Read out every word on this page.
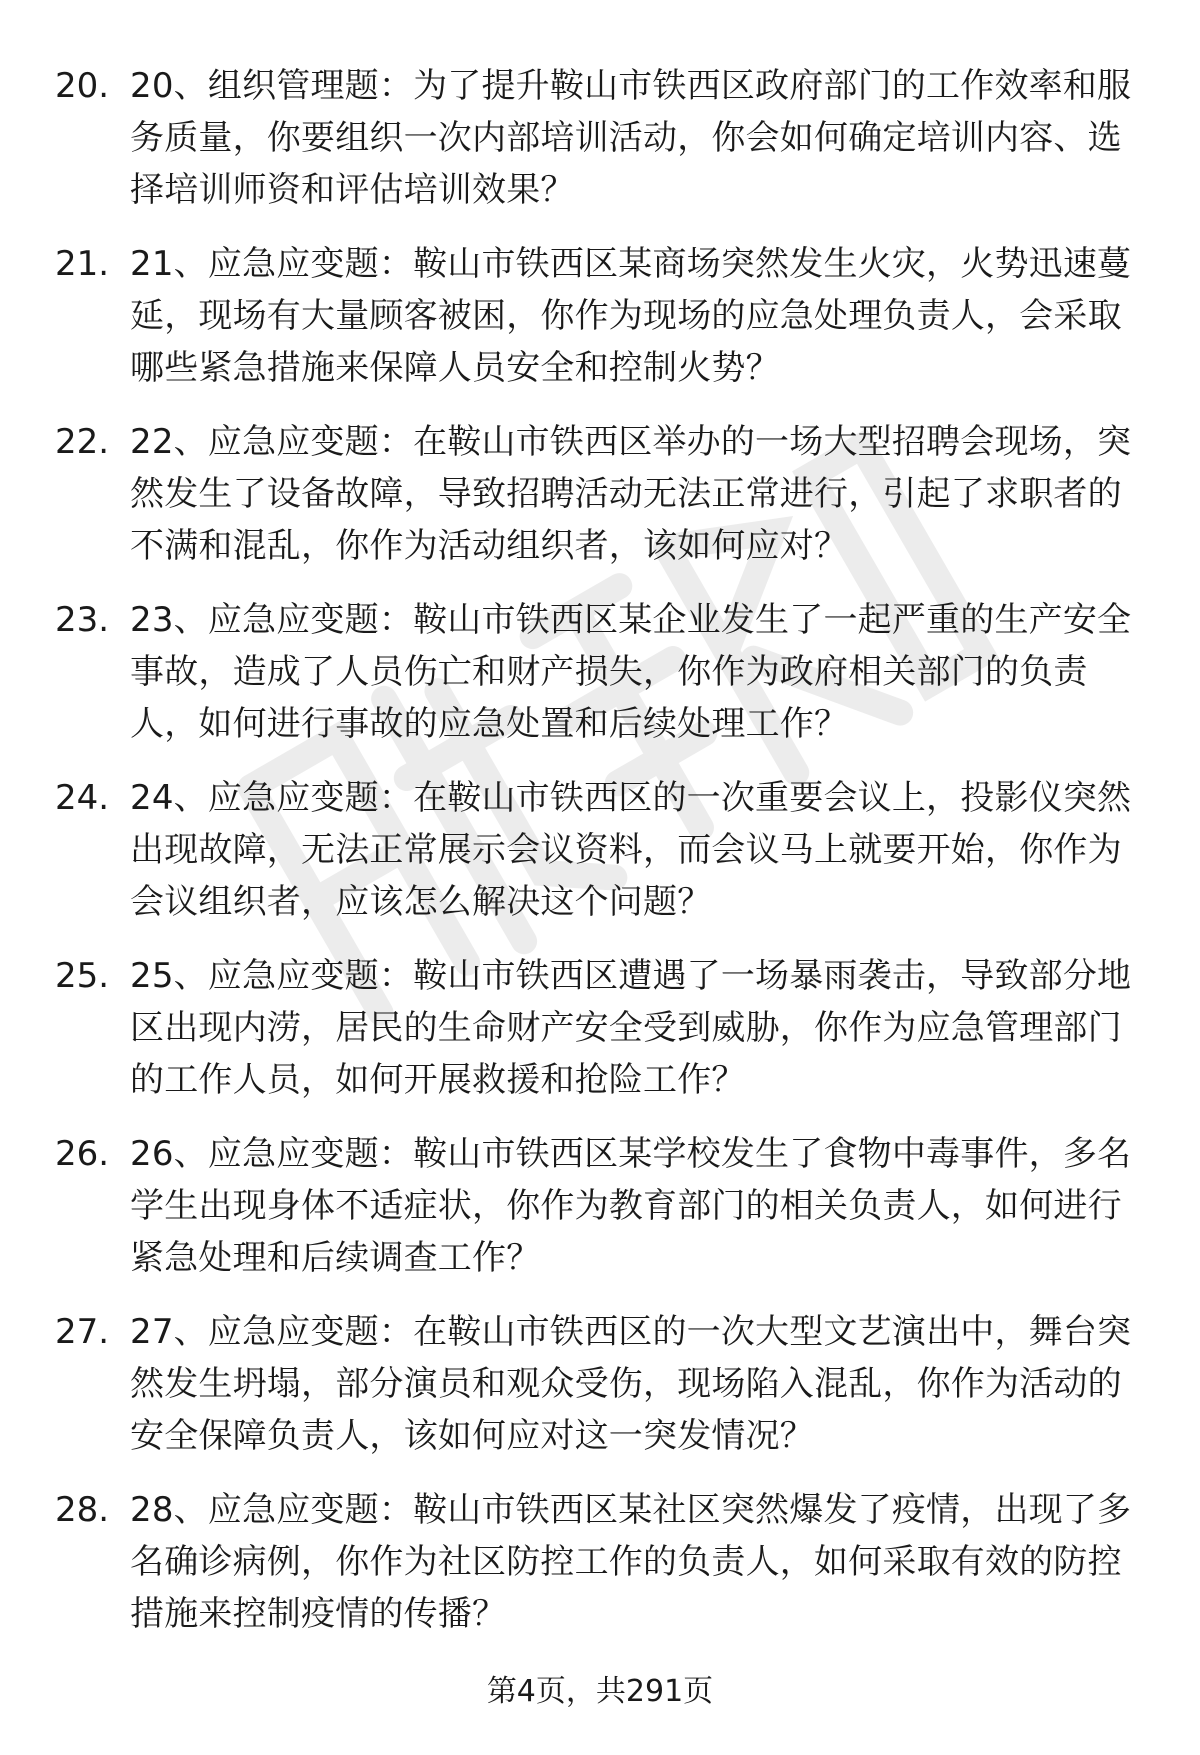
20. 20、组织管理题：为了提升鞍山市铁西区政府部门的工作效率和服务质量，你要组织一次内部培训活动，你会如何确定培训内容、选择培训师资和评估培训效果？
21. 21、应急应变题：鞍山市铁西区某商场突然发生火灾，火势迅速蔓延，现场有大量顾客被困，你作为现场的应急处理负责人，会采取哪些紧急措施来保障人员安全和控制火势？
22. 22、应急应变题：在鞍山市铁西区举办的一场大型招聘会现场，突然发生了设备故障，导致招聘活动无法正常进行，引起了求职者的不满和混乱，你作为活动组织者，该如何应对？
23. 23、应急应变题：鞍山市铁西区某企业发生了一起严重的生产安全事故，造成了人员伤亡和财产损失，你作为政府相关部门的负责人，如何进行事故的应急处置和后续处理工作？
24. 24、应急应变题：在鞍山市铁西区的一次重要会议上，投影仪突然出现故障，无法正常展示会议资料，而会议马上就要开始，你作为会议组织者，应该怎么解决这个问题？
25. 25、应急应变题：鞍山市铁西区遭遇了一场暴雨袭击，导致部分地区出现内涝，居民的生命财产安全受到威胁，你作为应急管理部门的工作人员，如何开展救援和抢险工作？
26. 26、应急应变题：鞍山市铁西区某学校发生了食物中毒事件，多名学生出现身体不适症状，你作为教育部门的相关负责人，如何进行紧急处理和后续调查工作？
27. 27、应急应变题：在鞍山市铁西区的一次大型文艺演出中，舞台突然发生坍塌，部分演员和观众受伤，现场陷入混乱，你作为活动的安全保障负责人，该如何应对这一突发情况？
28. 28、应急应变题：鞍山市铁西区某社区突然爆发了疫情，出现了多名确诊病例，你作为社区防控工作的负责人，如何采取有效的防控措施来控制疫情的传播？
第4页，共291页
